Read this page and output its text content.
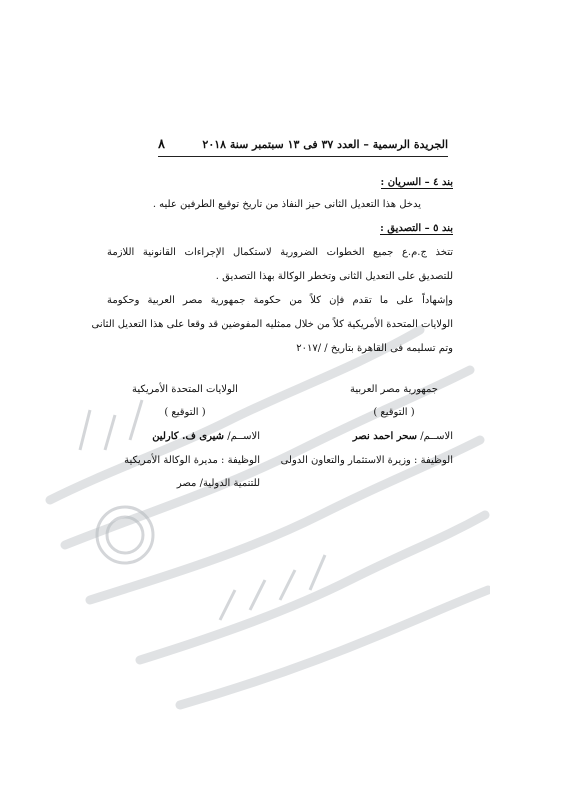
٨	الجريدة الرسمية – العدد ٣٧ فى ١٣ سبتمبر سنة ٢٠١٨
بند ٤ – السريان :
يدخل هذا التعديل الثانى حيز النفاذ من تاريخ توقيع الطرفين عليه .
بند ٥ – التصديق :
تتخذ ج.م.ع جميع الخطوات الضرورية لاستكمال الإجراءات القانونية اللازمة
للتصديق على التعديل الثانى وتخطر الوكالة بهذا التصديق .
وإشهاداً على ما تقدم فإن كلاً من حكومة جمهورية مصر العربية وحكومة
الولايات المتحدة الأمريكية كلاً من خلال ممثليه المفوضين قد وقعا على هذا التعديل الثانى
وتم تسليمه فى القاهرة بتاريخ / /٢٠١٧
جمهورية مصر العربية
( التوقيع )
الاســم/ سحر احمد نصر
الوظيفة : وزيرة الاستثمار والتعاون الدولى
الولايات المتحدة الأمريكية
( التوقيع )
الاســم/ شيرى ف. كارلين
الوظيفة : مديرة الوكالة الأمريكية
للتنمية الدولية/ مصر
